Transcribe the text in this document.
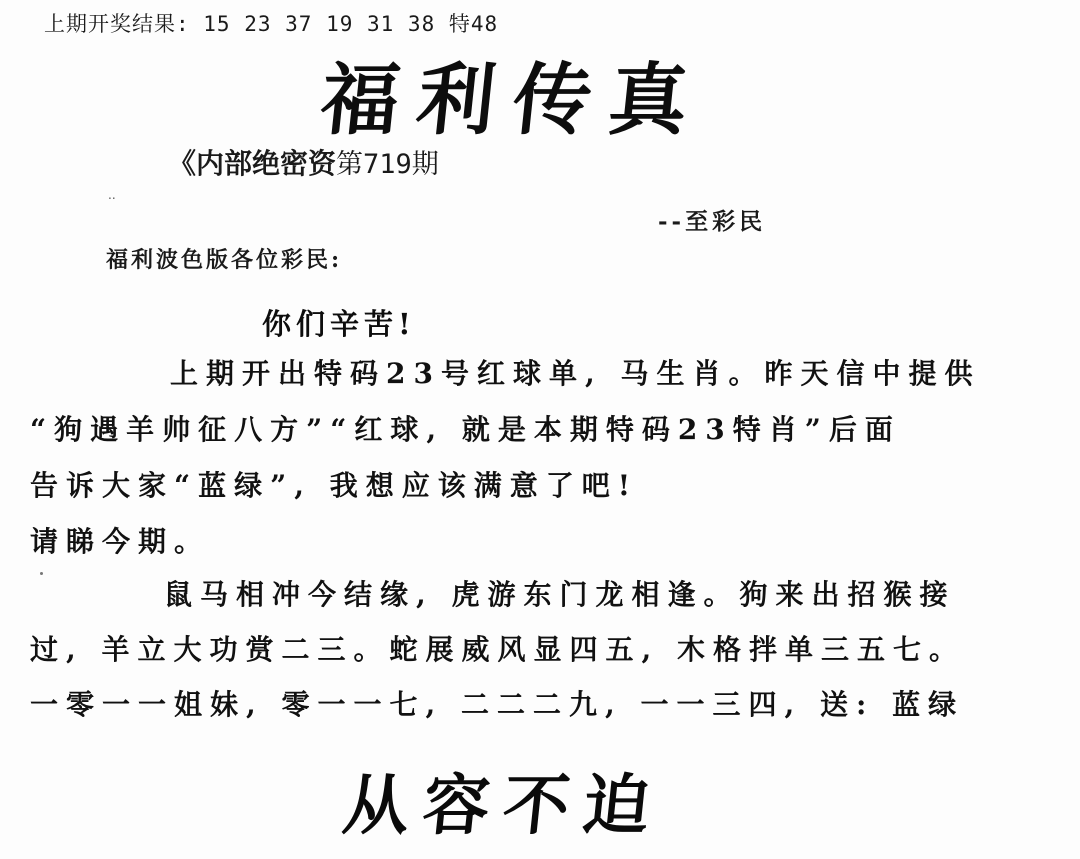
上期开奖结果: 15 23 37 19 31 38 特48
福利传真
《内部绝密资第719期
..
--至彩民
福利波色版各位彩民:
你们辛苦!
上期开出特码23号红球单, 马生肖。昨天信中提供
“狗遇羊帅征八方”“红球, 就是本期特码23特肖”后面
告诉大家“蓝绿”, 我想应该满意了吧!
请睇今期。
鼠马相冲今结缘, 虎游东门龙相逢。狗来出招猴接
过, 羊立大功赏二三。蛇展威风显四五, 木格拌单三五七。
一零一一姐妹, 零一一七, 二二二九, 一一三四, 送: 蓝绿
从容不迫
